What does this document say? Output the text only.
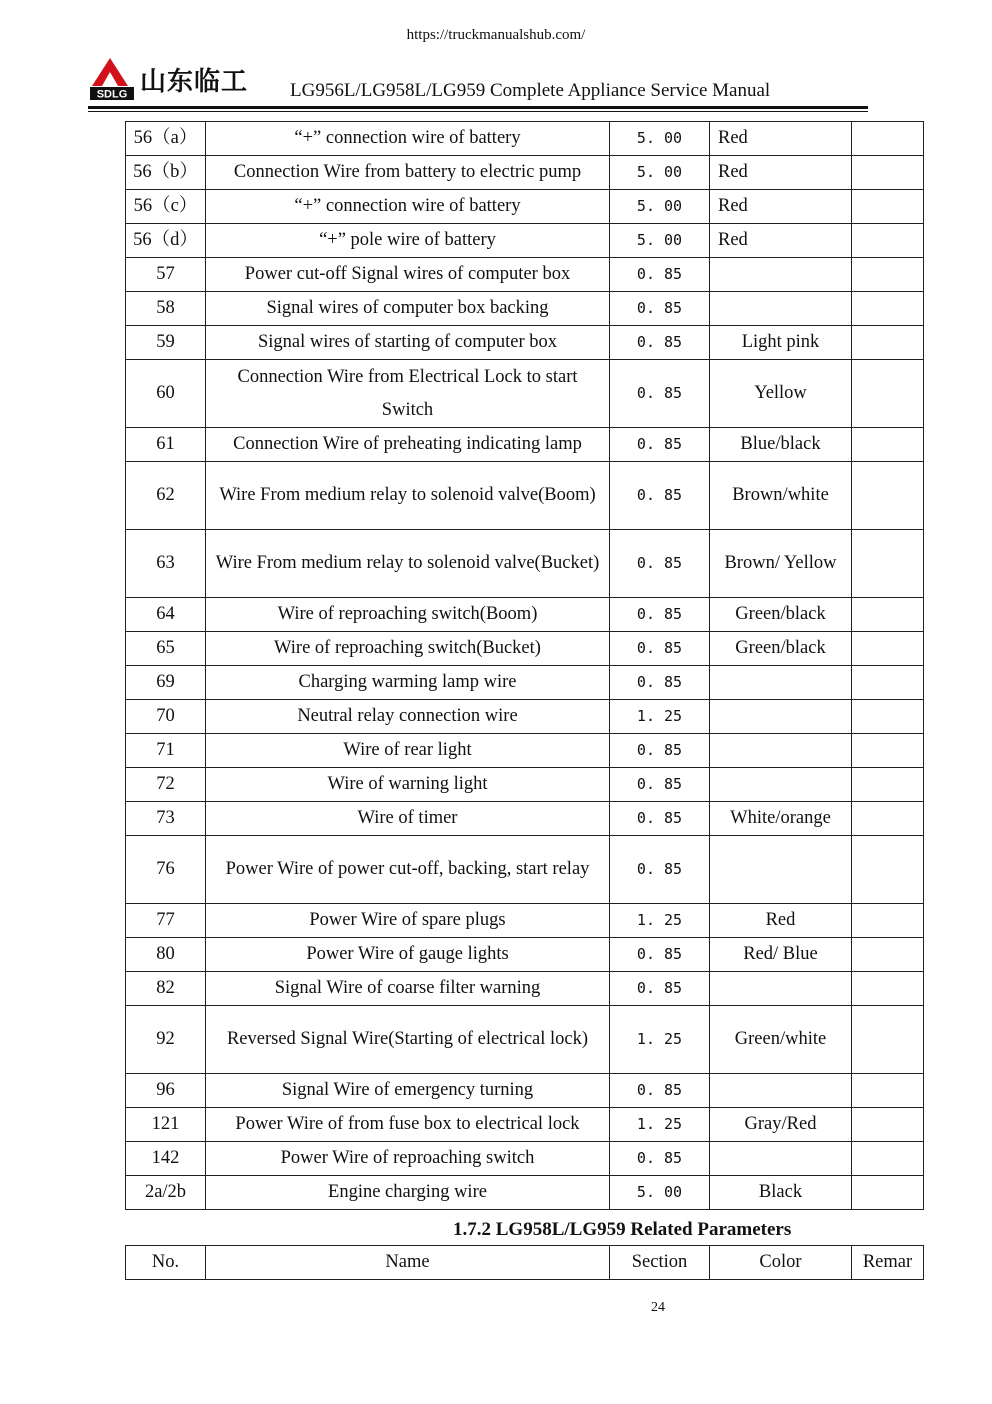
https://truckmanualshub.com/
SDLG 山东临工 LG956L/LG958L/LG959 Complete Appliance Service Manual
56（a）	“+” connection wire of battery	5. 00	Red	
56（b）	Connection Wire from battery to electric pump	5. 00	Red	
56（c）	“+” connection wire of battery	5. 00	Red	
56（d）	“+” pole wire of battery	5. 00	Red	
57	Power cut-off Signal wires of computer box	0. 85		
58	Signal wires of computer box backing	0. 85		
59	Signal wires of starting of computer box	0. 85	Light pink	
60	Connection Wire from Electrical Lock to start Switch	0. 85	Yellow	
61	Connection Wire of preheating indicating lamp	0. 85	Blue/black	
62	Wire From medium relay to solenoid valve(Boom)	0. 85	Brown/white	
63	Wire From medium relay to solenoid valve(Bucket)	0. 85	Brown/ Yellow	
64	Wire of reproaching switch(Boom)	0. 85	Green/black	
65	Wire of reproaching switch(Bucket)	0. 85	Green/black	
69	Charging warming lamp wire	0. 85		
70	Neutral relay connection wire	1. 25		
71	Wire of rear light	0. 85		
72	Wire of warning light	0. 85		
73	Wire of timer	0. 85	White/orange	
76	Power Wire of power cut-off, backing, start relay	0. 85		
77	Power Wire of spare plugs	1. 25	Red	
80	Power Wire of gauge lights	0. 85	Red/ Blue	
82	Signal Wire of coarse filter warning	0. 85		
92	Reversed Signal Wire(Starting of electrical lock)	1. 25	Green/white	
96	Signal Wire of emergency turning	0. 85		
121	Power Wire of from fuse box to electrical lock	1. 25	Gray/Red	
142	Power Wire of reproaching switch	0. 85		
2a/2b	Engine charging wire	5. 00	Black	
1.7.2 LG958L/LG959 Related Parameters
No.	Name	Section	Color	Remar
24
